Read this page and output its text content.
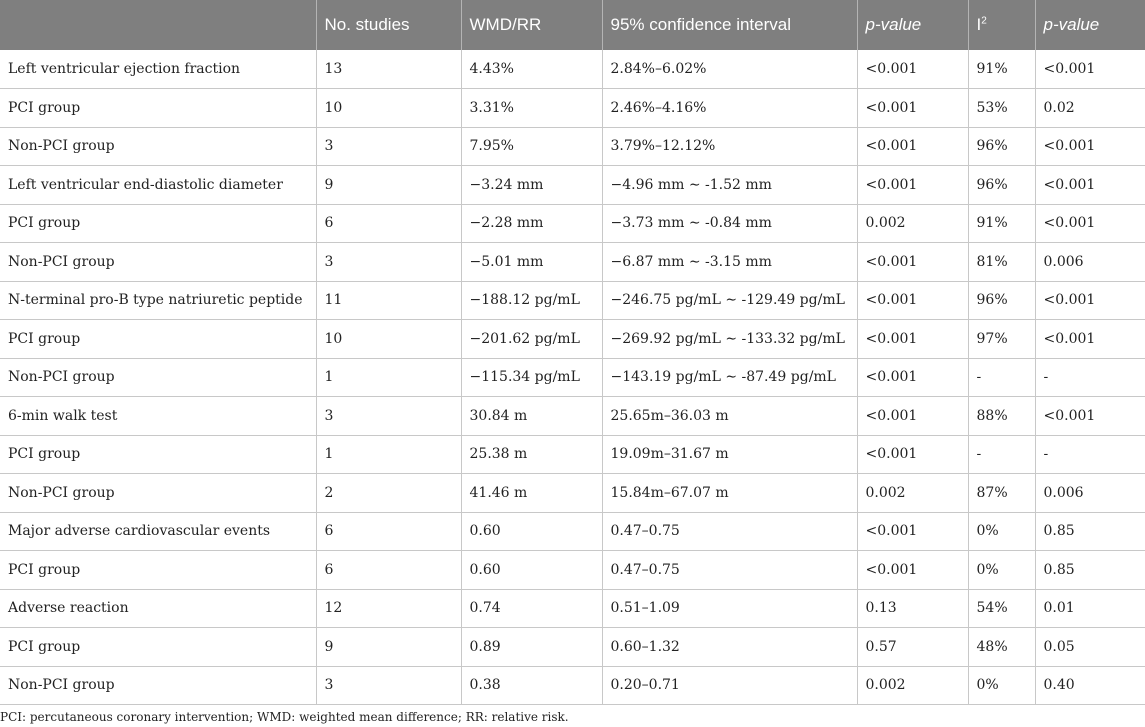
	No. studies	WMD/RR	95% confidence interval	p-value	$I^2$	p-value
Left ventricular ejection fraction	13	4.43%	2.84%–6.02%	<0.001	91%	<0.001
PCI group	10	3.31%	2.46%–4.16%	<0.001	53%	0.02
Non-PCI group	3	7.95%	3.79%–12.12%	<0.001	96%	<0.001
Left ventricular end-diastolic diameter	9	−3.24 mm	−4.96 mm ∼ -1.52 mm	<0.001	96%	<0.001
PCI group	6	−2.28 mm	−3.73 mm ∼ -0.84 mm	0.002	91%	<0.001
Non-PCI group	3	−5.01 mm	−6.87 mm ∼ -3.15 mm	<0.001	81%	0.006
N-terminal pro-B type natriuretic peptide	11	−188.12 pg/mL	−246.75 pg/mL ∼ -129.49 pg/mL	<0.001	96%	<0.001
PCI group	10	−201.62 pg/mL	−269.92 pg/mL ∼ -133.32 pg/mL	<0.001	97%	<0.001
Non-PCI group	1	−115.34 pg/mL	−143.19 pg/mL ∼ -87.49 pg/mL	<0.001	-	-
6-min walk test	3	30.84 m	25.65m–36.03 m	<0.001	88%	<0.001
PCI group	1	25.38 m	19.09m–31.67 m	<0.001	-	-
Non-PCI group	2	41.46 m	15.84m–67.07 m	0.002	87%	0.006
Major adverse cardiovascular events	6	0.60	0.47–0.75	<0.001	0%	0.85
PCI group	6	0.60	0.47–0.75	<0.001	0%	0.85
Adverse reaction	12	0.74	0.51–1.09	0.13	54%	0.01
PCI group	9	0.89	0.60–1.32	0.57	48%	0.05
Non-PCI group	3	0.38	0.20–0.71	0.002	0%	0.40
PCI: percutaneous coronary intervention; WMD: weighted mean difference; RR: relative risk.
